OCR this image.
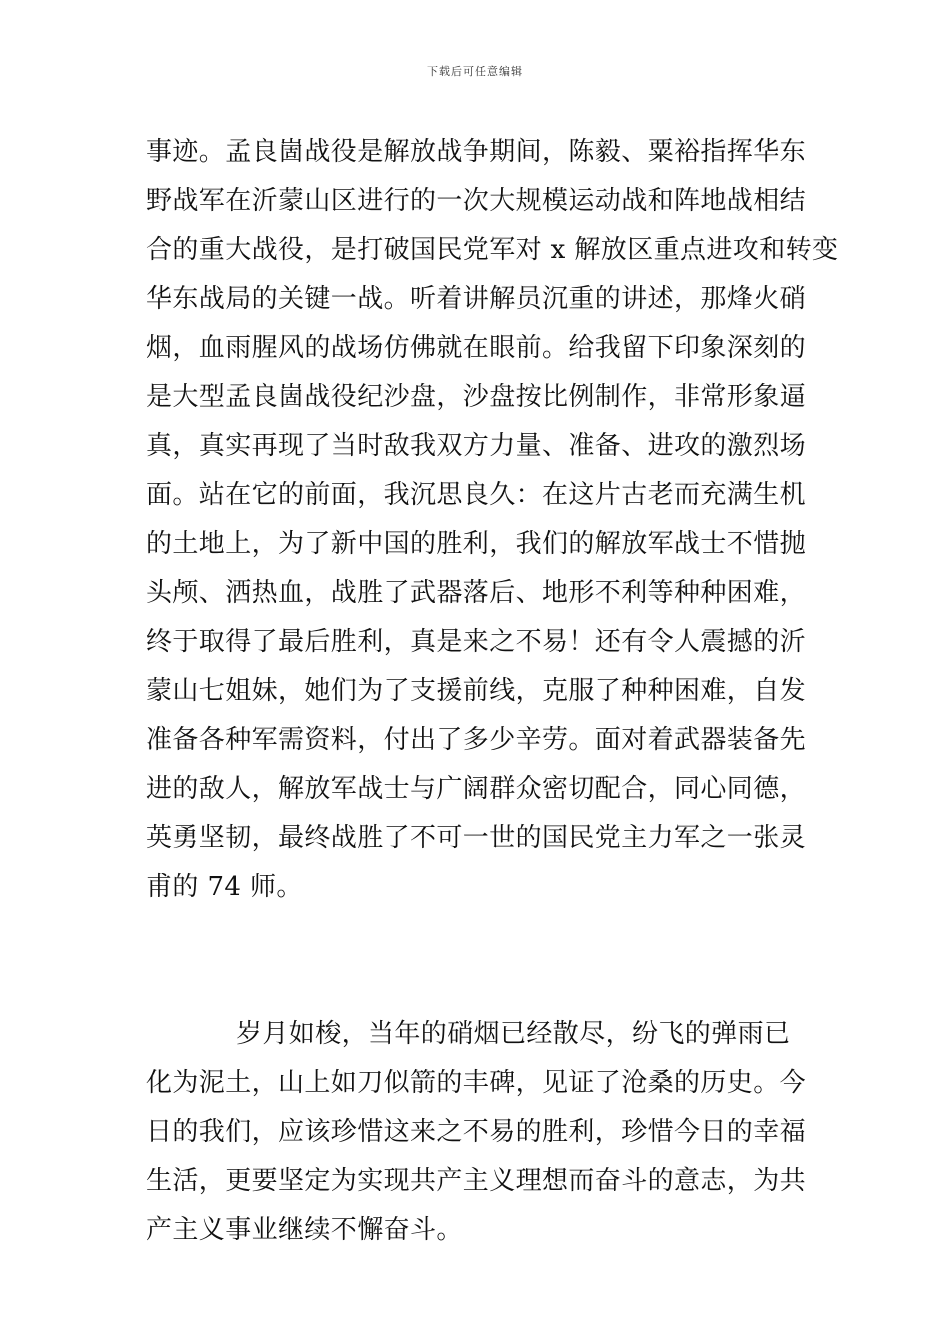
下载后可任意编辑
事迹。孟良崮战役是解放战争期间，陈毅、粟裕指挥华东
野战军在沂蒙山区进行的一次大规模运动战和阵地战相结
合的重大战役，是打破国民党军对 x 解放区重点进攻和转变
华东战局的关键一战。听着讲解员沉重的讲述，那烽火硝
烟，血雨腥风的战场仿佛就在眼前。给我留下印象深刻的
是大型孟良崮战役纪沙盘，沙盘按比例制作，非常形象逼
真，真实再现了当时敌我双方力量、准备、进攻的激烈场
面。站在它的前面，我沉思良久：在这片古老而充满生机
的土地上，为了新中国的胜利，我们的解放军战士不惜抛
头颅、洒热血，战胜了武器落后、地形不利等种种困难，
终于取得了最后胜利，真是来之不易！还有令人震撼的沂
蒙山七姐妹，她们为了支援前线，克服了种种困难，自发
准备各种军需资料，付出了多少辛劳。面对着武器装备先
进的敌人，解放军战士与广阔群众密切配合，同心同德，
英勇坚韧，最终战胜了不可一世的国民党主力军之一张灵
甫的 74 师。
岁月如梭，当年的硝烟已经散尽，纷飞的弹雨已
化为泥土，山上如刀似箭的丰碑，见证了沧桑的历史。今
日的我们，应该珍惜这来之不易的胜利，珍惜今日的幸福
生活，更要坚定为实现共产主义理想而奋斗的意志，为共
产主义事业继续不懈奋斗。
